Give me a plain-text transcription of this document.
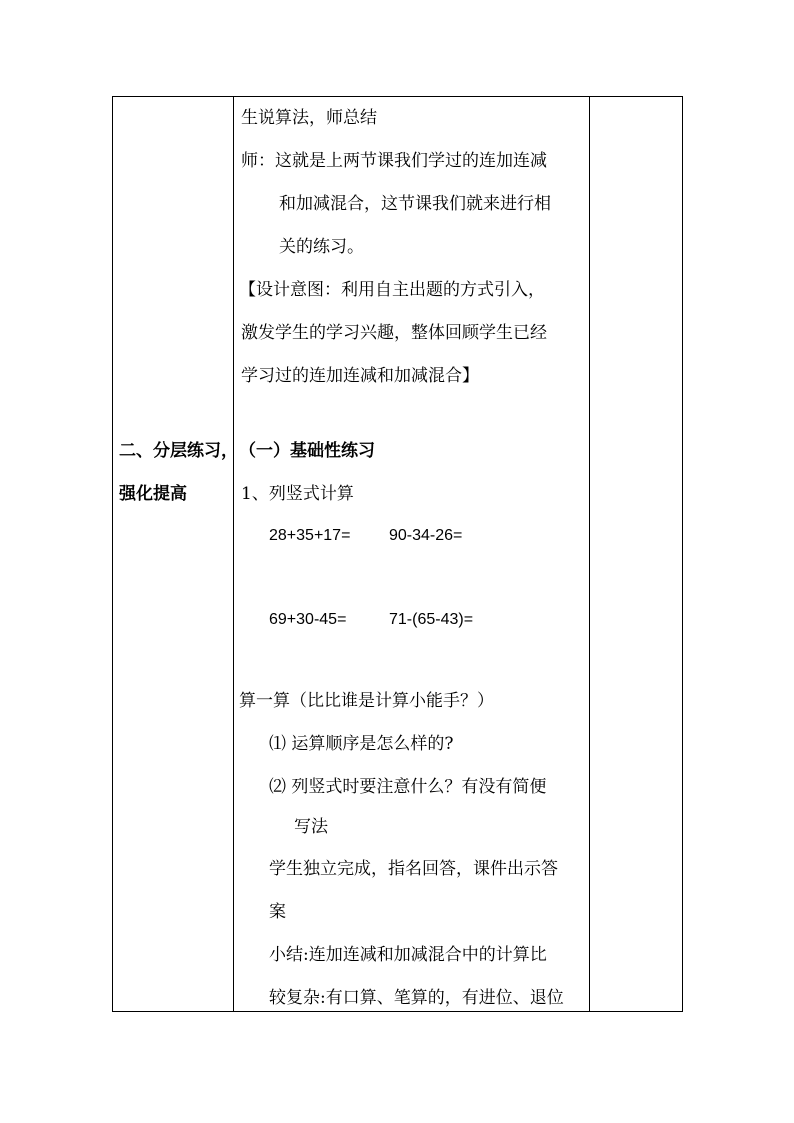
二、分层练习，
强化提高
生说算法，师总结
师：这就是上两节课我们学过的连加连减
和加减混合，这节课我们就来进行相
关的练习。
【设计意图：利用自主出题的方式引入，
激发学生的学习兴趣，整体回顾学生已经
学习过的连加连减和加减混合】
（一）基础性练习
1、列竖式计算
28+35+17= 90-34-26=
69+30-45=	71-(65-43)=
算一算（比比谁是计算小能手？）
⑴ 运算顺序是怎么样的?
⑵ 列竖式时要注意什么？有没有简便
写法
学生独立完成，指名回答，课件出示答
案
小结:连加连减和加减混合中的计算比
较复杂:有口算、笔算的，有进位、退位
